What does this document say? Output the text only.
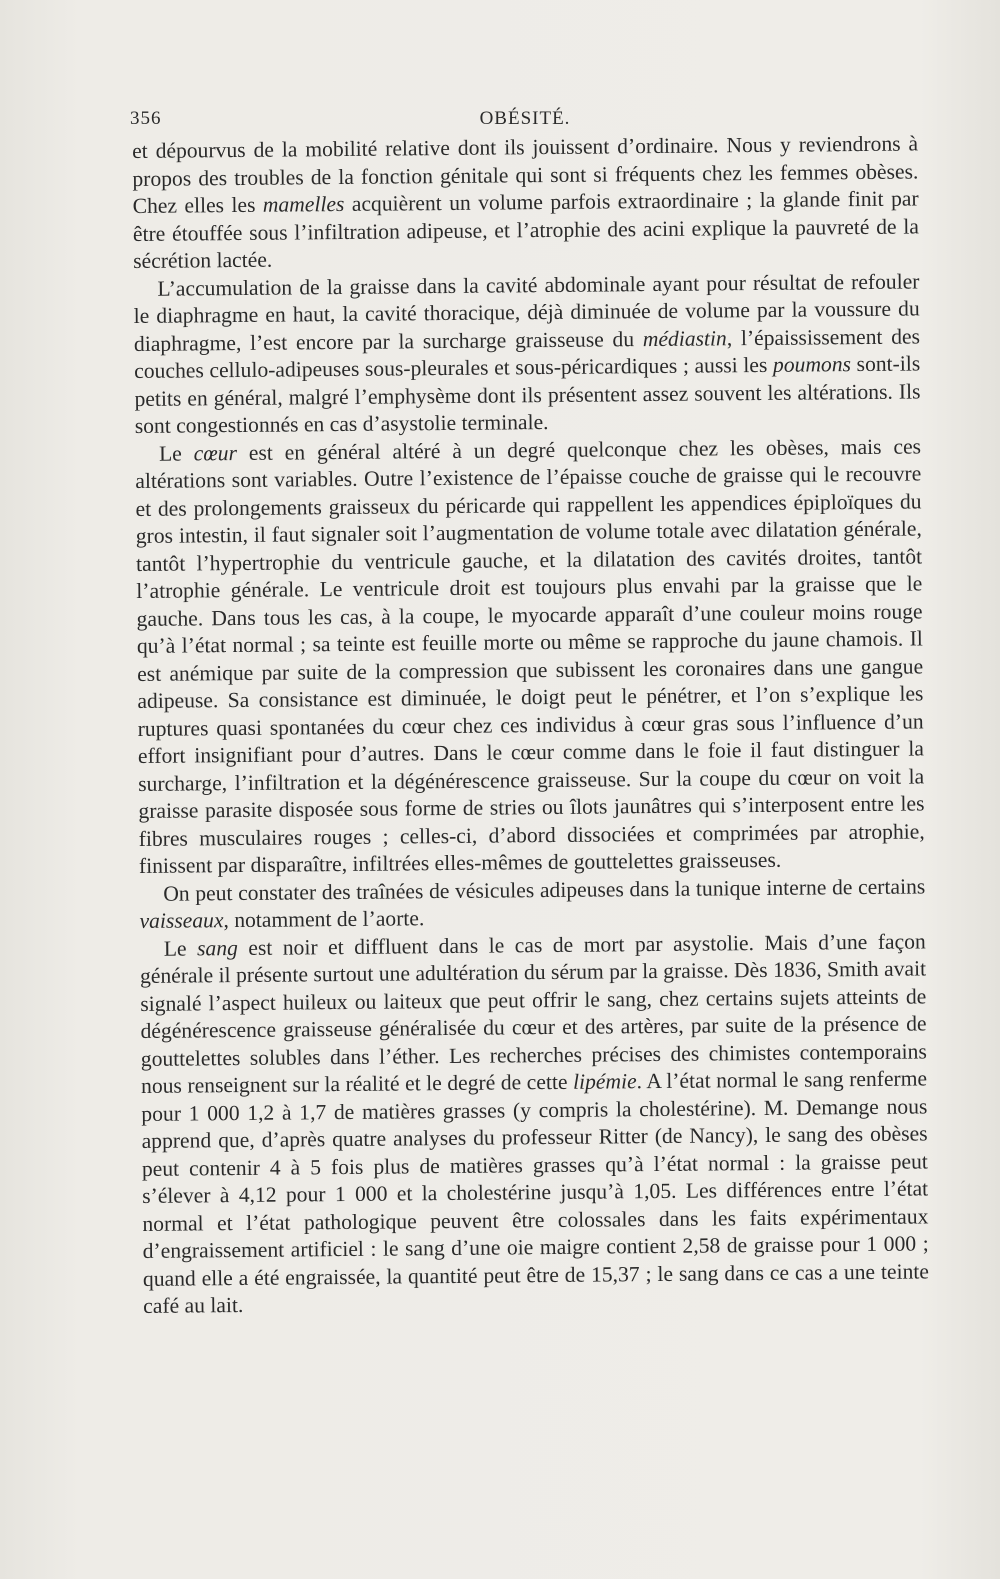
356	OBÉSITÉ.

et dépourvus de la mobilité relative dont ils jouissent d’ordinaire. Nous y reviendrons à propos des troubles de la fonction génitale qui sont si fréquents chez les femmes obèses. Chez elles les mamelles acquièrent un volume parfois extraordinaire ; la glande finit par être étouffée sous l’infiltration adipeuse, et l’atrophie des acini explique la pauvreté de la sécrétion lactée.

L’accumulation de la graisse dans la cavité abdominale ayant pour résultat de refouler le diaphragme en haut, la cavité thoracique, déjà diminuée de volume par la voussure du diaphragme, l’est encore par la surcharge graisseuse du médiastin, l’épaississement des couches cellulo-adipeuses sous-pleurales et sous-péricardiques ; aussi les poumons sont-ils petits en général, malgré l’emphysème dont ils présentent assez souvent les altérations. Ils sont congestionnés en cas d’asystolie terminale.

Le cœur est en général altéré à un degré quelconque chez les obèses, mais ces altérations sont variables. Outre l’existence de l’épaisse couche de graisse qui le recouvre et des prolongements graisseux du péricarde qui rappellent les appendices épiploïques du gros intestin, il faut signaler soit l’augmentation de volume totale avec dilatation générale, tantôt l’hypertrophie du ventricule gauche, et la dilatation des cavités droites, tantôt l’atrophie générale. Le ventricule droit est toujours plus envahi par la graisse que le gauche. Dans tous les cas, à la coupe, le myocarde apparaît d’une couleur moins rouge qu’à l’état normal ; sa teinte est feuille morte ou même se rapproche du jaune chamois. Il est anémique par suite de la compression que subissent les coronaires dans une gangue adipeuse. Sa consistance est diminuée, le doigt peut le pénétrer, et l’on s’explique les ruptures quasi spontanées du cœur chez ces individus à cœur gras sous l’influence d’un effort insignifiant pour d’autres. Dans le cœur comme dans le foie il faut distinguer la surcharge, l’infiltration et la dégénérescence graisseuse. Sur la coupe du cœur on voit la graisse parasite disposée sous forme de stries ou îlots jaunâtres qui s’interposent entre les fibres musculaires rouges ; celles-ci, d’abord dissociées et comprimées par atrophie, finissent par disparaître, infiltrées elles-mêmes de gouttelettes graisseuses.

On peut constater des traînées de vésicules adipeuses dans la tunique interne de certains vaisseaux, notamment de l’aorte.

Le sang est noir et diffluent dans le cas de mort par asystolie. Mais d’une façon générale il présente surtout une adultération du sérum par la graisse. Dès 1836, Smith avait signalé l’aspect huileux ou laiteux que peut offrir le sang, chez certains sujets atteints de dégénérescence graisseuse généralisée du cœur et des artères, par suite de la présence de gouttelettes solubles dans l’éther. Les recherches précises des chimistes contemporains nous renseignent sur la réalité et le degré de cette lipémie. A l’état normal le sang renferme pour 1 000 1,2 à 1,7 de matières grasses (y compris la cholestérine). M. Demange nous apprend que, d’après quatre analyses du professeur Ritter (de Nancy), le sang des obèses peut contenir 4 à 5 fois plus de matières grasses qu’à l’état normal : la graisse peut s’élever à 4,12 pour 1 000 et la cholestérine jusqu’à 1,05. Les différences entre l’état normal et l’état pathologique peuvent être colossales dans les faits expérimentaux d’engraissement artificiel : le sang d’une oie maigre contient 2,58 de graisse pour 1 000 ; quand elle a été engraissée, la quantité peut être de 15,37 ; le sang dans ce cas a une teinte café au lait.
